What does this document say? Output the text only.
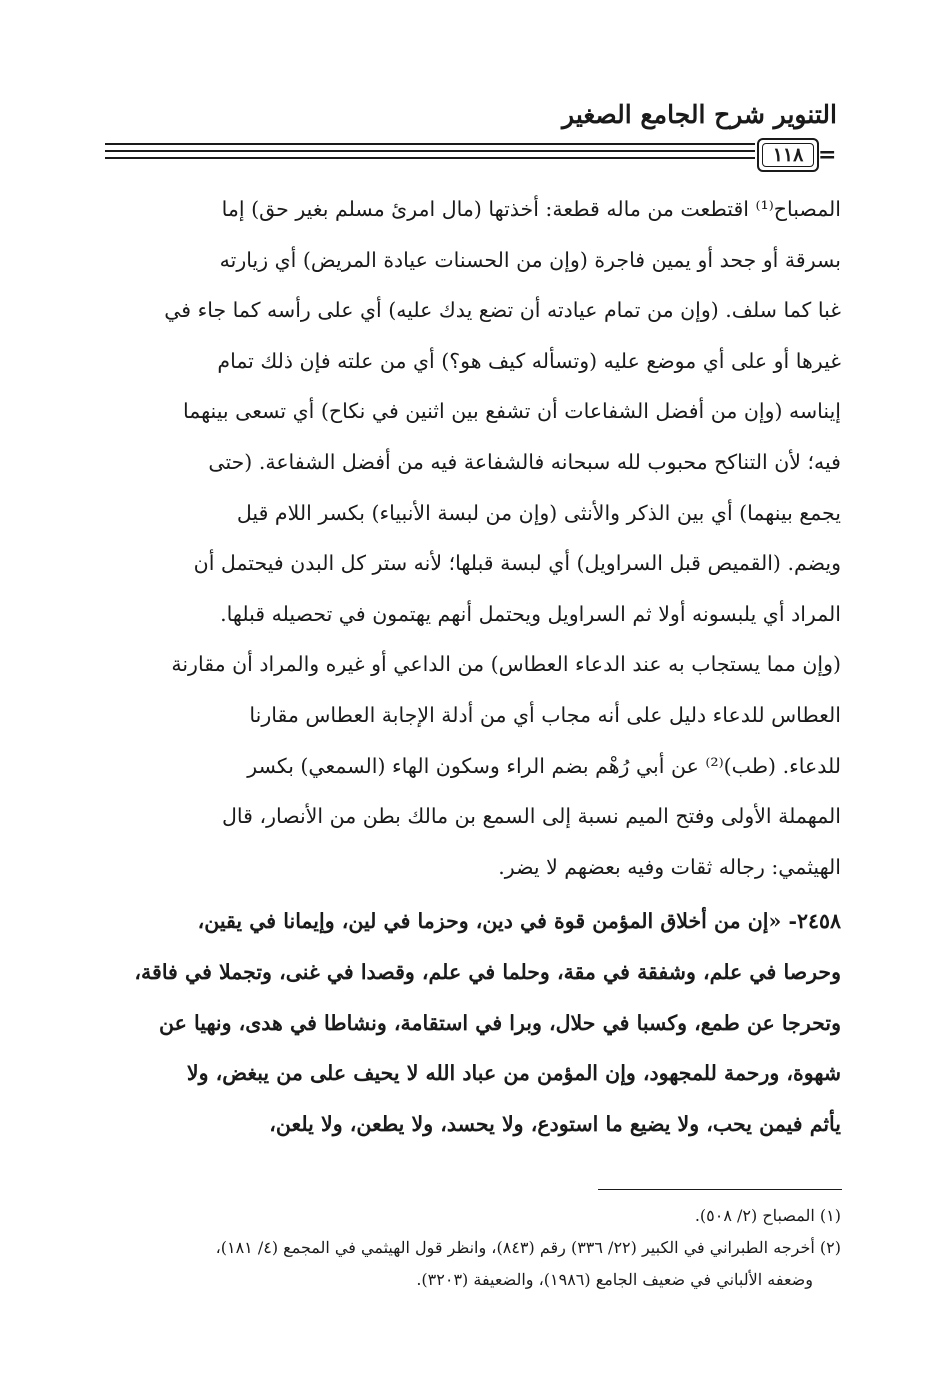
التنوير شرح الجامع الصغير
١١٨ =
المصباح⁽¹⁾ اقتطعت من ماله قطعة: أخذتها (مال امرئ مسلم بغير حق) إما
بسرقة أو جحد أو يمين فاجرة (وإن من الحسنات عيادة المريض) أي زيارته
غبا كما سلف. (وإن من تمام عيادته أن تضع يدك عليه) أي على رأسه كما جاء في
غيرها أو على أي موضع عليه (وتسأله كيف هو؟) أي من علته فإن ذلك تمام
إيناسه (وإن من أفضل الشفاعات أن تشفع بين اثنين في نكاح) أي تسعى بينهما
فيه؛ لأن التناكح محبوب لله سبحانه فالشفاعة فيه من أفضل الشفاعة. (حتى
يجمع بينهما) أي بين الذكر والأنثى (وإن من لبسة الأنبياء) بكسر اللام قيل
ويضم. (القميص قبل السراويل) أي لبسة قبلها؛ لأنه ستر كل البدن فيحتمل أن
المراد أي يلبسونه أولا ثم السراويل ويحتمل أنهم يهتمون في تحصيله قبلها.
(وإن مما يستجاب به عند الدعاء العطاس) من الداعي أو غيره والمراد أن مقارنة
العطاس للدعاء دليل على أنه مجاب أي من أدلة الإجابة العطاس مقارنا
للدعاء. (طب)⁽²⁾ عن أبي رُهْم بضم الراء وسكون الهاء (السمعي) بكسر
المهملة الأولى وفتح الميم نسبة إلى السمع بن مالك بطن من الأنصار، قال
الهيثمي: رجاله ثقات وفيه بعضهم لا يضر.
٢٤٥٨- «إن من أخلاق المؤمن قوة في دين، وحزما في لين، وإيمانا في يقين،
وحرصا في علم، وشفقة في مقة، وحلما في علم، وقصدا في غنى، وتجملا في فاقة،
وتحرجا عن طمع، وكسبا في حلال، وبرا في استقامة، ونشاطا في هدى، ونهيا عن
شهوة، ورحمة للمجهود، وإن المؤمن من عباد الله لا يحيف على من يبغض، ولا
يأثم فيمن يحب، ولا يضيع ما استودع، ولا يحسد، ولا يطعن، ولا يلعن،
(١) المصباح (٢/ ٥٠٨).
(٢) أخرجه الطبراني في الكبير (٢٢/ ٣٣٦) رقم (٨٤٣)، وانظر قول الهيثمي في المجمع (٤/ ١٨١)،
وضعفه الألباني في ضعيف الجامع (١٩٨٦)، والضعيفة (٣٢٠٣).
